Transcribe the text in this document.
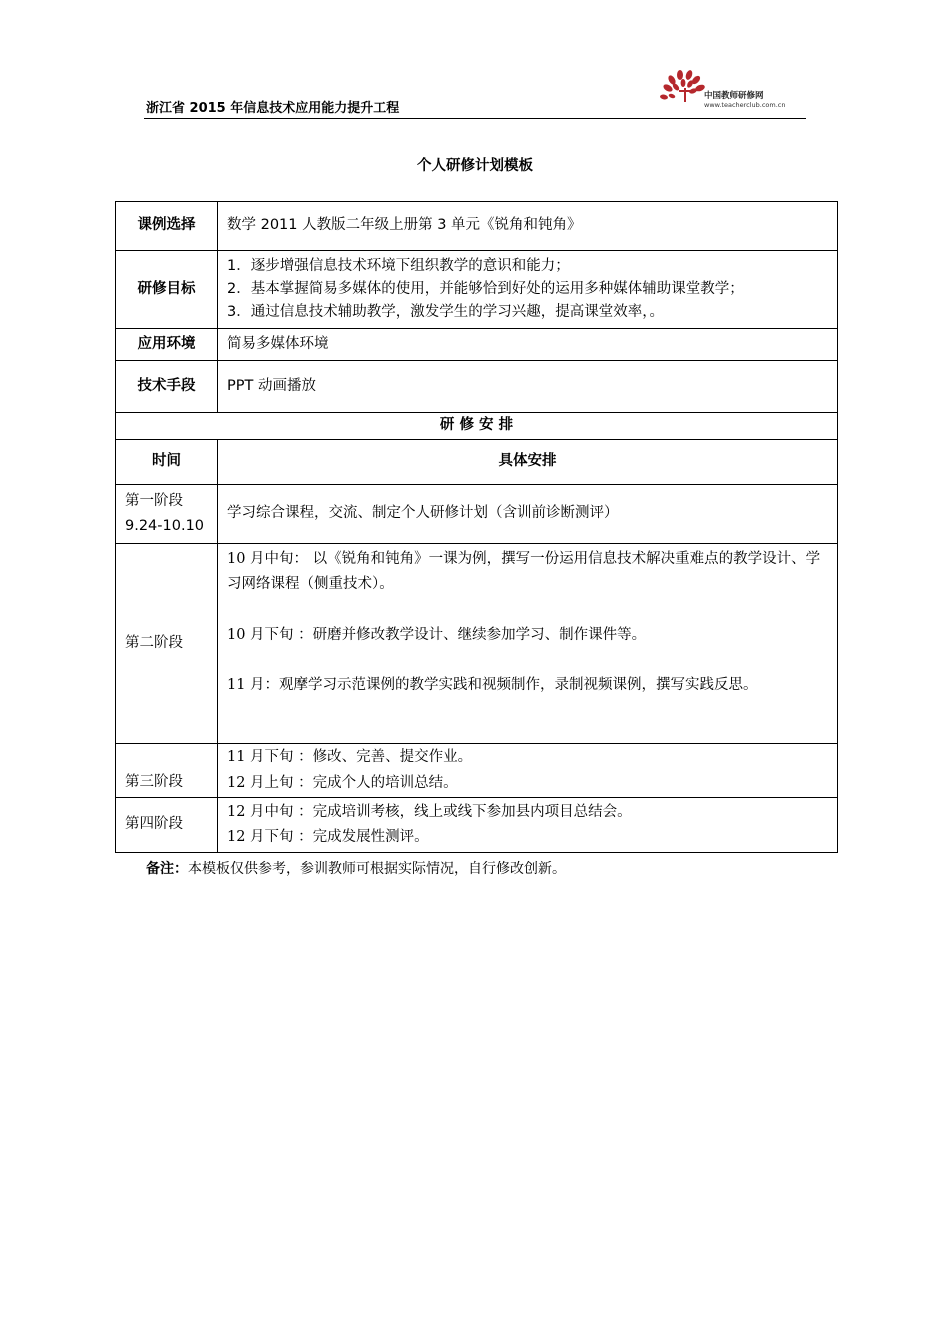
浙江省 2015 年信息技术应用能力提升工程
中国教师研修网
www.teacherclub.com.cn
个人研修计划模板
课例选择	数学 2011 人教版二年级上册第 3 单元《锐角和钝角》
研修目标	1．逐步增强信息技术环境下组织教学的意识和能力；

2．基本掌握简易多媒体的使用，并能够恰到好处的运用多种媒体辅助课堂教学；

3．通过信息技术辅助教学，激发学生的学习兴趣，提高课堂效率，。

应用环境	简易多媒体环境
技术手段	PPT 动画播放
研 修 安 排	
时间	具体安排

第一阶段
9.24-10.10	学习综合课程，交流、制定个人研修计划（含训前诊断测评）
第二阶段	10 月中旬： 以《锐角和钝角》一课为例，撰写一份运用信息技术解决重难点的教学设计、学习网络课程（侧重技术）。

10 月下旬 ：研磨并修改教学设计、继续参加学习、制作课件等。

11 月：观摩学习示范课例的教学实践和视频制作，录制视频课例，撰写实践反思。

第三阶段	11 月下旬 ：修改、完善、提交作业。

12 月上旬 ：完成个人的培训总结。

第四阶段	12 月中旬 ：完成培训考核，线上或线下参加县内项目总结会。

12 月下旬 ：完成发展性测评。

备注：本模板仅供参考，参训教师可根据实际情况，自行修改创新。
